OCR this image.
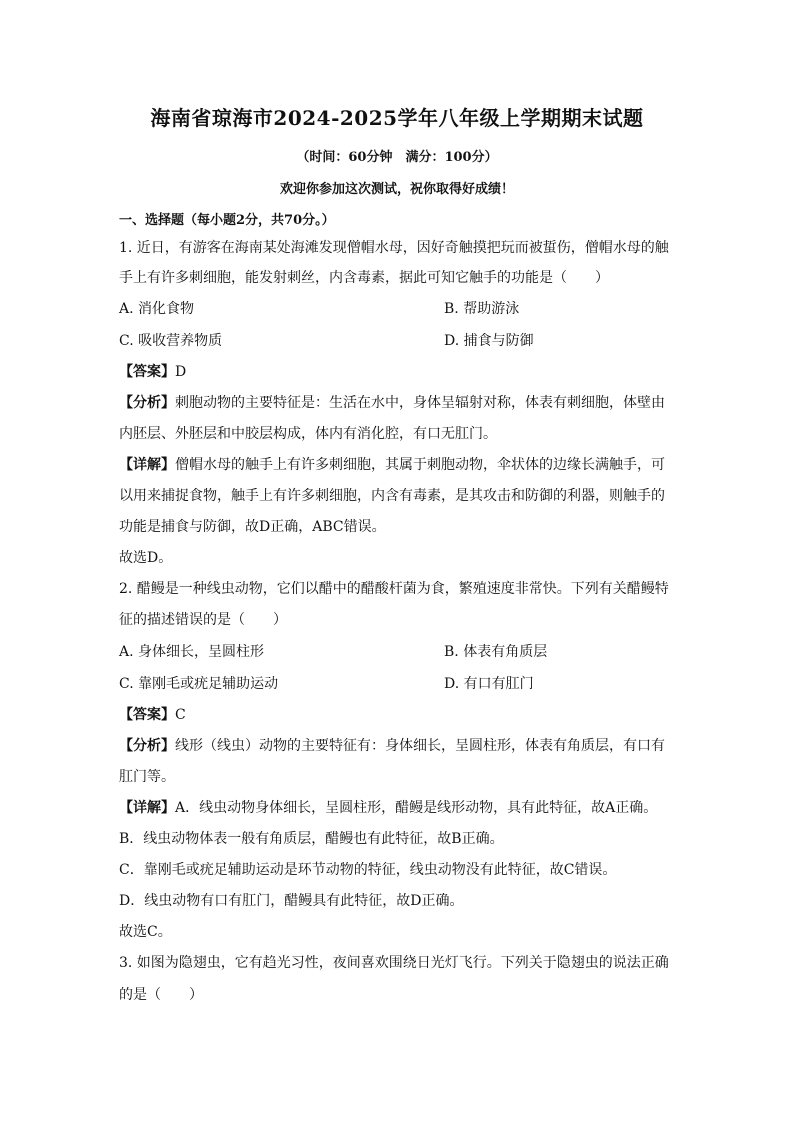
海南省琼海市2024-2025学年八年级上学期期末试题
（时间：60分钟　满分：100分）
欢迎你参加这次测试，祝你取得好成绩！
一、选择题（每小题2分，共70分。）
1. 近日，有游客在海南某处海滩发现僧帽水母，因好奇触摸把玩而被蜇伤，僧帽水母的触
手上有许多刺细胞，能发射刺丝，内含毒素，据此可知它触手的功能是（　　）
A. 消化食物	B. 帮助游泳
C. 吸收营养物质	D. 捕食与防御
【答案】D
【分析】刺胞动物的主要特征是：生活在水中，身体呈辐射对称，体表有刺细胞，体壁由
内胚层、外胚层和中胶层构成，体内有消化腔，有口无肛门。
【详解】僧帽水母的触手上有许多刺细胞，其属于刺胞动物，伞状体的边缘长满触手，可
以用来捕捉食物，触手上有许多刺细胞，内含有毒素，是其攻击和防御的利器，则触手的
功能是捕食与防御，故D正确，ABC错误。
故选D。
2. 醋鳗是一种线虫动物，它们以醋中的醋酸杆菌为食，繁殖速度非常快。下列有关醋鳗特
征的描述错误的是（　　）
A. 身体细长，呈圆柱形	B. 体表有角质层
C. 靠刚毛或疣足辅助运动	D. 有口有肛门
【答案】C
【分析】线形（线虫）动物的主要特征有：身体细长，呈圆柱形，体表有角质层，有口有
肛门等。
【详解】A．线虫动物身体细长，呈圆柱形，醋鳗是线形动物，具有此特征，故A正确。
B．线虫动物体表一般有角质层，醋鳗也有此特征，故B正确。
C．靠刚毛或疣足辅助运动是环节动物的特征，线虫动物没有此特征，故C错误。
D．线虫动物有口有肛门，醋鳗具有此特征，故D正确。
故选C。
3. 如图为隐翅虫，它有趋光习性，夜间喜欢围绕日光灯飞行。下列关于隐翅虫的说法正确
的是（　　）
